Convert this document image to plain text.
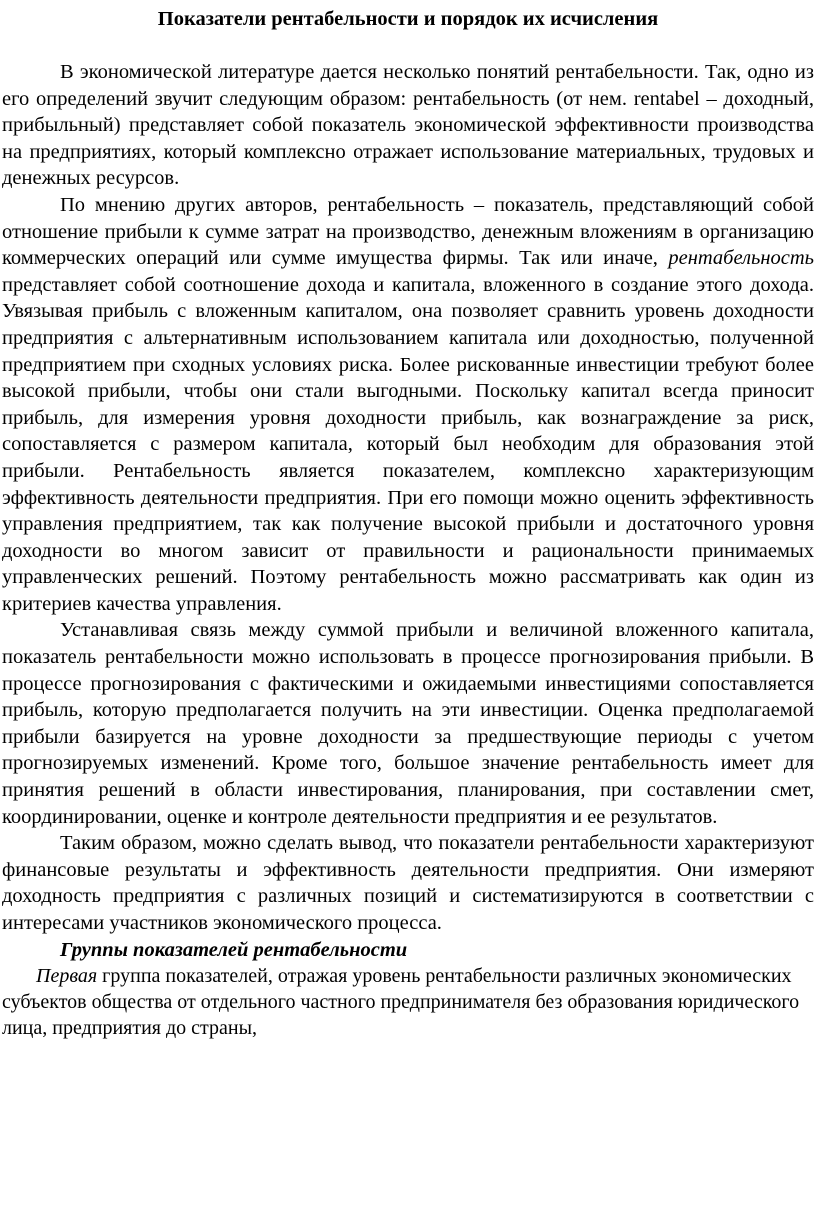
Показатели рентабельности и порядок их исчисления

В экономической литературе дается несколько понятий рентабельности. Так, одно из его определений звучит следующим образом: рентабельность (от нем. rentabel – доходный, прибыльный) представляет собой показатель экономической эффективности производства на предприятиях, который комплексно отражает использование материальных, трудовых и денежных ресурсов.

По мнению других авторов, рентабельность – показатель, представляющий собой отношение прибыли к сумме затрат на производство, денежным вложениям в организацию коммерческих операций или сумме имущества фирмы. Так или иначе, рентабельность представляет собой соотношение дохода и капитала, вложенного в создание этого дохода. Увязывая прибыль с вложенным капиталом, она позволяет сравнить уровень доходности предприятия с альтернативным использованием капитала или доходностью, полученной предприятием при сходных условиях риска. Более рискованные инвестиции требуют более высокой прибыли, чтобы они стали выгодными. Поскольку капитал всегда приносит прибыль, для измерения уровня доходности прибыль, как вознаграждение за риск, сопоставляется с размером капитала, который был необходим для образования этой прибыли. Рентабельность является показателем, комплексно характеризующим эффективность деятельности предприятия. При его помощи можно оценить эффективность управления предприятием, так как получение высокой прибыли и достаточного уровня доходности во многом зависит от правильности и рациональности принимаемых управленческих решений. Поэтому рентабельность можно рассматривать как один из критериев качества управления.

Устанавливая связь между суммой прибыли и величиной вложенного капитала, показатель рентабельности можно использовать в процессе прогнозирования прибыли. В процессе прогнозирования с фактическими и ожидаемыми инвестициями сопоставляется прибыль, которую предполагается получить на эти инвестиции. Оценка предполагаемой прибыли базируется на уровне доходности за предшествующие периоды с учетом прогнозируемых изменений. Кроме того, большое значение рентабельность имеет для принятия решений в области инвестирования, планирования, при составлении смет, координировании, оценке и контроле деятельности предприятия и ее результатов.

Таким образом, можно сделать вывод, что показатели рентабельности характеризуют финансовые результаты и эффективность деятельности предприятия. Они измеряют доходность предприятия с различных позиций и систематизируются в соответствии с интересами участников экономического процесса.

Группы показателей рентабельности

Первая группа показателей, отражая уровень рентабельности различных экономических субъектов общества от отдельного частного предпринимателя без образования юридического лица, предприятия до страны,
